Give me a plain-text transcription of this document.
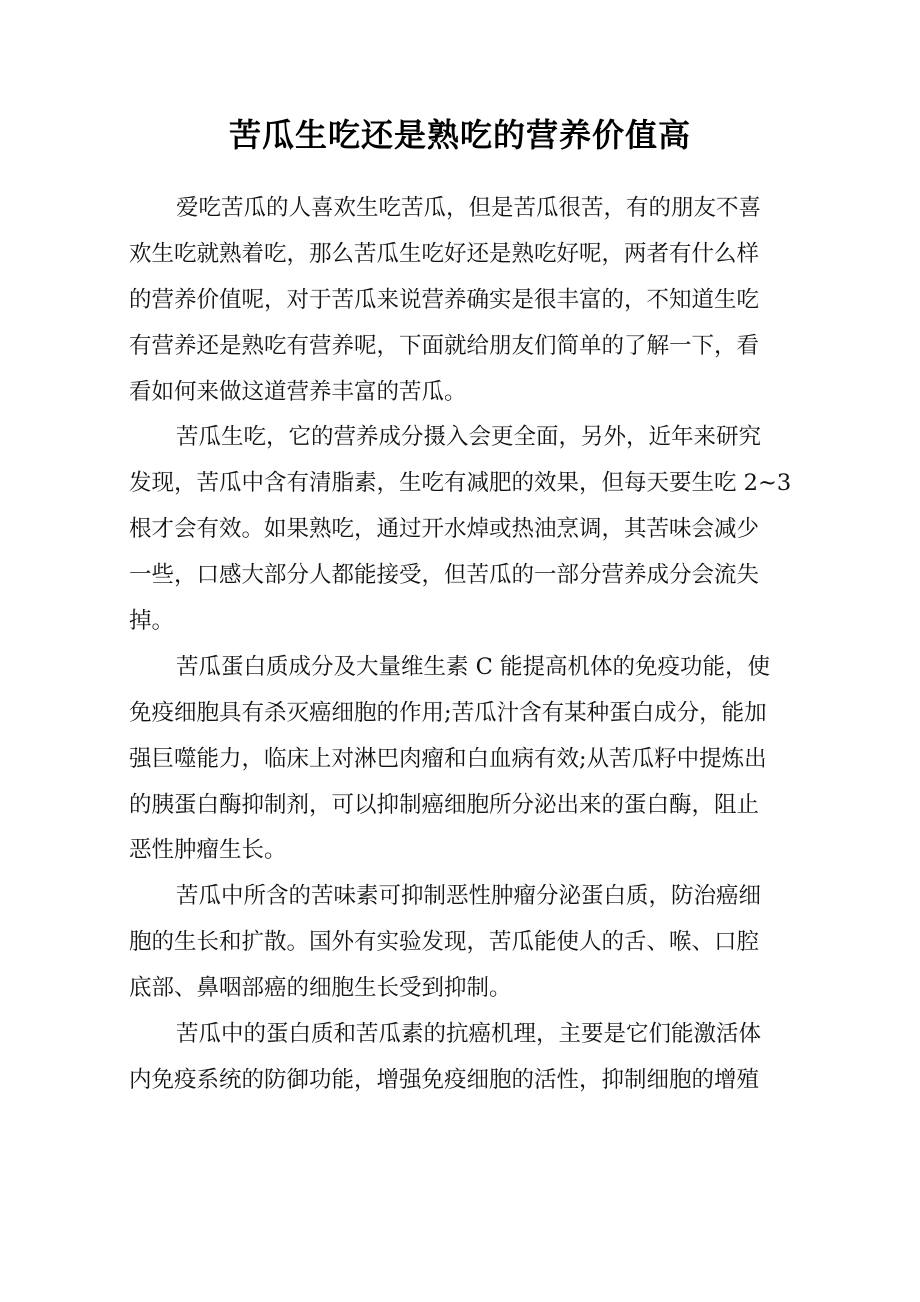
苦瓜生吃还是熟吃的营养价值高
爱吃苦瓜的人喜欢生吃苦瓜，但是苦瓜很苦，有的朋友不喜
欢生吃就熟着吃，那么苦瓜生吃好还是熟吃好呢，两者有什么样
的营养价值呢，对于苦瓜来说营养确实是很丰富的，不知道生吃
有营养还是熟吃有营养呢，下面就给朋友们简单的了解一下，看
看如何来做这道营养丰富的苦瓜。
苦瓜生吃，它的营养成分摄入会更全面，另外，近年来研究
发现，苦瓜中含有清脂素，生吃有减肥的效果，但每天要生吃 2~3
根才会有效。如果熟吃，通过开水焯或热油烹调，其苦味会减少
一些，口感大部分人都能接受，但苦瓜的一部分营养成分会流失
掉。
苦瓜蛋白质成分及大量维生素 C 能提高机体的免疫功能，使
免疫细胞具有杀灭癌细胞的作用;苦瓜汁含有某种蛋白成分，能加
强巨噬能力，临床上对淋巴肉瘤和白血病有效;从苦瓜籽中提炼出
的胰蛋白酶抑制剂，可以抑制癌细胞所分泌出来的蛋白酶，阻止
恶性肿瘤生长。
苦瓜中所含的苦味素可抑制恶性肿瘤分泌蛋白质，防治癌细
胞的生长和扩散。国外有实验发现，苦瓜能使人的舌、喉、口腔
底部、鼻咽部癌的细胞生长受到抑制。
苦瓜中的蛋白质和苦瓜素的抗癌机理，主要是它们能激活体
内免疫系统的防御功能，增强免疫细胞的活性，抑制细胞的增殖
